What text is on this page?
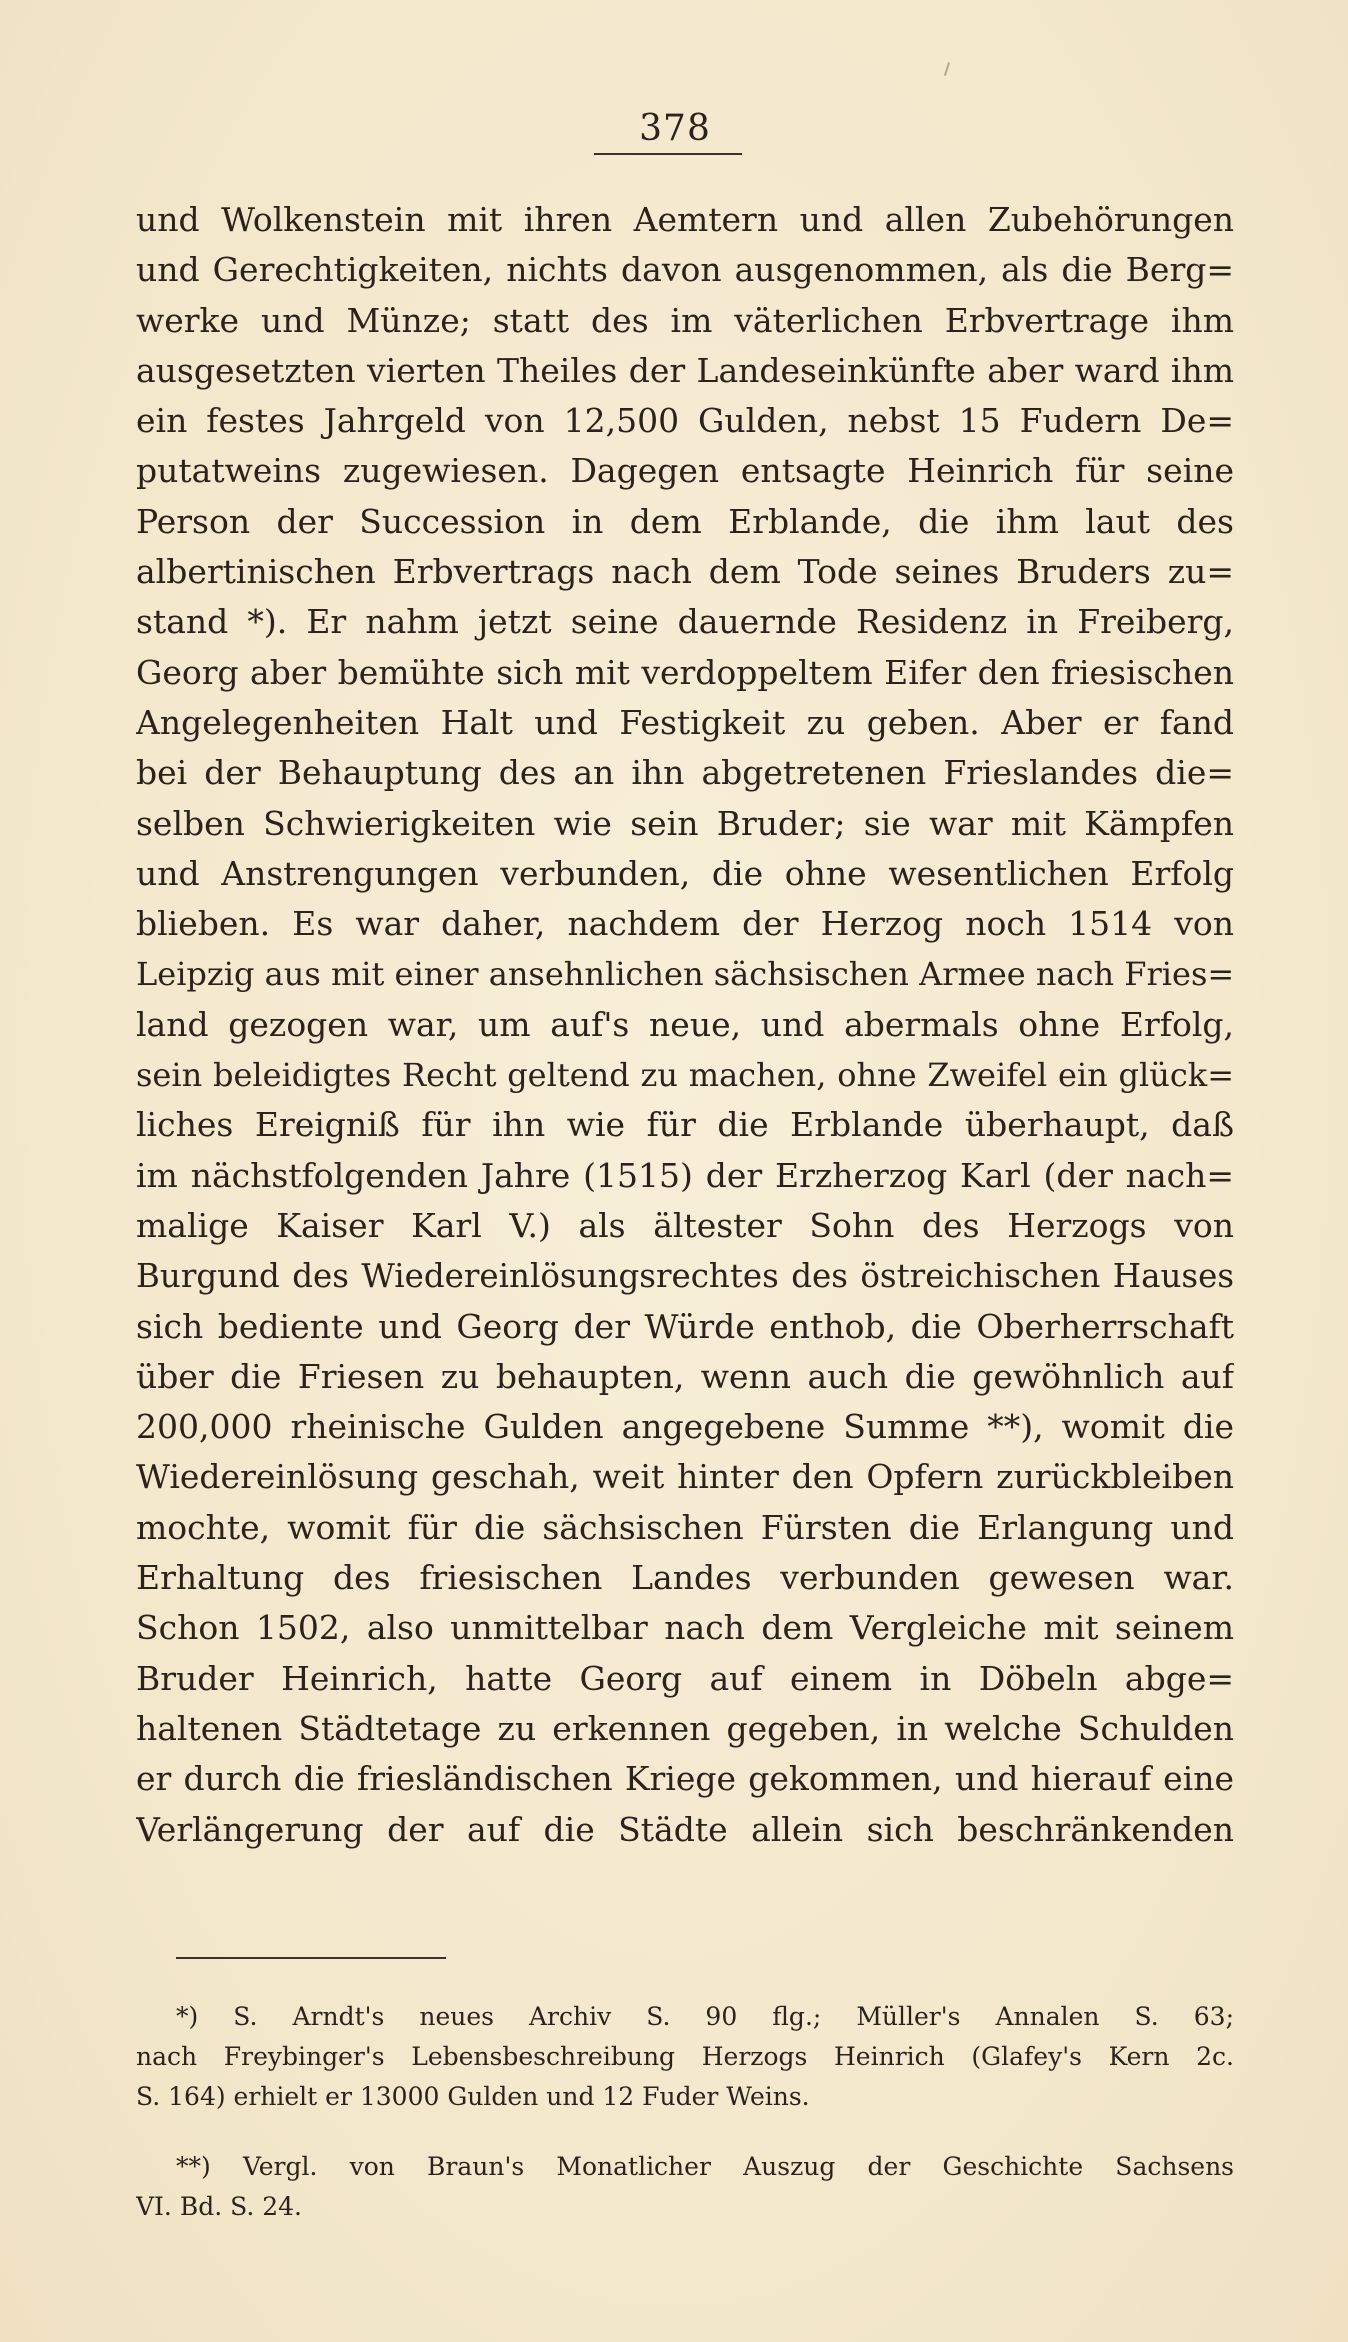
378
und Wolkenstein mit ihren Aemtern und allen Zubehörungen
und Gerechtigkeiten, nichts davon ausgenommen, als die Berg=
werke und Münze; statt des im väterlichen Erbvertrage ihm
ausgesetzten vierten Theiles der Landeseinkünfte aber ward ihm
ein festes Jahrgeld von 12,500 Gulden, nebst 15 Fudern De=
putatweins zugewiesen. Dagegen entsagte Heinrich für seine
Person der Succession in dem Erblande, die ihm laut des
albertinischen Erbvertrags nach dem Tode seines Bruders zu=
stand *). Er nahm jetzt seine dauernde Residenz in Freiberg,
Georg aber bemühte sich mit verdoppeltem Eifer den friesischen
Angelegenheiten Halt und Festigkeit zu geben. Aber er fand
bei der Behauptung des an ihn abgetretenen Frieslandes die=
selben Schwierigkeiten wie sein Bruder; sie war mit Kämpfen
und Anstrengungen verbunden, die ohne wesentlichen Erfolg
blieben. Es war daher, nachdem der Herzog noch 1514 von
Leipzig aus mit einer ansehnlichen sächsischen Armee nach Fries=
land gezogen war, um auf's neue, und abermals ohne Erfolg,
sein beleidigtes Recht geltend zu machen, ohne Zweifel ein glück=
liches Ereigniß für ihn wie für die Erblande überhaupt, daß
im nächstfolgenden Jahre (1515) der Erzherzog Karl (der nach=
malige Kaiser Karl V.) als ältester Sohn des Herzogs von
Burgund des Wiedereinlösungsrechtes des östreichischen Hauses
sich bediente und Georg der Würde enthob, die Oberherrschaft
über die Friesen zu behaupten, wenn auch die gewöhnlich auf
200,000 rheinische Gulden angegebene Summe **), womit die
Wiedereinlösung geschah, weit hinter den Opfern zurückbleiben
mochte, womit für die sächsischen Fürsten die Erlangung und
Erhaltung des friesischen Landes verbunden gewesen war.
Schon 1502, also unmittelbar nach dem Vergleiche mit seinem
Bruder Heinrich, hatte Georg auf einem in Döbeln abge=
haltenen Städtetage zu erkennen gegeben, in welche Schulden
er durch die friesländischen Kriege gekommen, und hierauf eine
Verlängerung der auf die Städte allein sich beschränkenden
*) S. Arndt's neues Archiv S. 90 flg.; Müller's Annalen S. 63;
nach Freybinger's Lebensbeschreibung Herzogs Heinrich (Glafey's Kern 2c.
S. 164) erhielt er 13000 Gulden und 12 Fuder Weins.
**) Vergl. von Braun's Monatlicher Auszug der Geschichte Sachsens
VI. Bd. S. 24.
